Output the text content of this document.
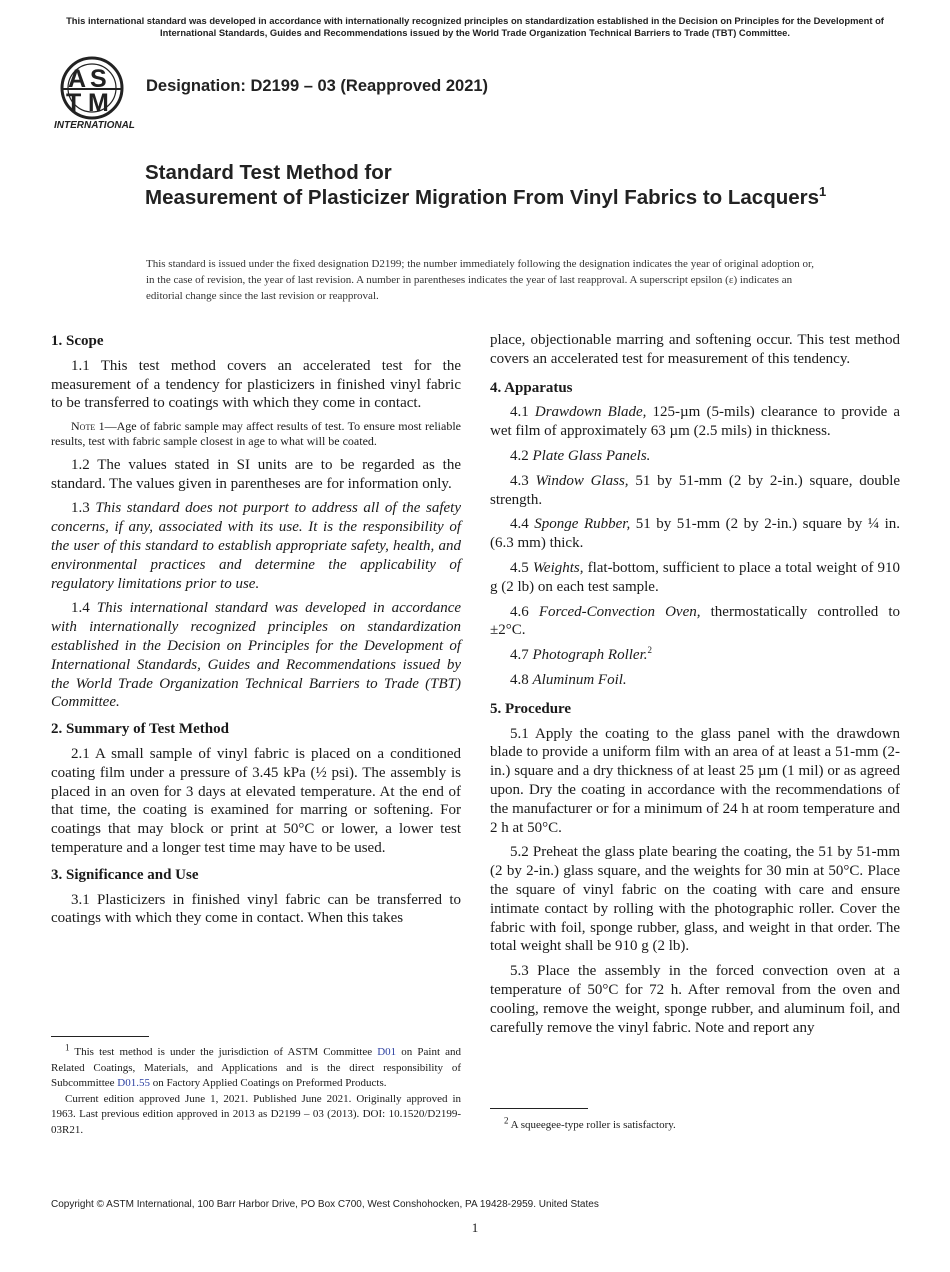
This international standard was developed in accordance with internationally recognized principles on standardization established in the Decision on Principles for the Development of International Standards, Guides and Recommendations issued by the World Trade Organization Technical Barriers to Trade (TBT) Committee.
A S
T M
INTERNATIONAL
Designation: D2199 – 03 (Reapproved 2021)
Standard Test Method for
Measurement of Plasticizer Migration From Vinyl Fabrics to Lacquers$^1$
This standard is issued under the fixed designation D2199; the number immediately following the designation indicates the year of original adoption or, in the case of revision, the year of last revision. A number in parentheses indicates the year of last reapproval. A superscript epsilon (ε) indicates an editorial change since the last revision or reapproval.
1. Scope

1.1 This test method covers an accelerated test for the measurement of a tendency for plasticizers in finished vinyl fabric to be transferred to coatings with which they come in contact.

Note 1—Age of fabric sample may affect results of test. To ensure most reliable results, test with fabric sample closest in age to what will be coated.

1.2 The values stated in SI units are to be regarded as the standard. The values given in parentheses are for information only.

1.3 This standard does not purport to address all of the safety concerns, if any, associated with its use. It is the responsibility of the user of this standard to establish appropriate safety, health, and environmental practices and determine the applicability of regulatory limitations prior to use.

1.4 This international standard was developed in accordance with internationally recognized principles on standardization established in the Decision on Principles for the Development of International Standards, Guides and Recommendations issued by the World Trade Organization Technical Barriers to Trade (TBT) Committee.

2. Summary of Test Method

2.1 A small sample of vinyl fabric is placed on a conditioned coating film under a pressure of 3.45 kPa (½ psi). The assembly is placed in an oven for 3 days at elevated temperature. At the end of that time, the coating is examined for marring or softening. For coatings that may block or print at 50°C or lower, a lower test temperature and a longer test time may have to be used.

3. Significance and Use

3.1 Plasticizers in finished vinyl fabric can be transferred to coatings with which they come in contact. When this takes

$^1$ This test method is under the jurisdiction of ASTM Committee D01 on Paint and Related Coatings, Materials, and Applications and is the direct responsibility of Subcommittee D01.55 on Factory Applied Coatings on Preformed Products.

Current edition approved June 1, 2021. Published June 2021. Originally approved in 1963. Last previous edition approved in 2013 as D2199 – 03 (2013). DOI: 10.1520/D2199-03R21.

place, objectionable marring and softening occur. This test method covers an accelerated test for measurement of this tendency.

4. Apparatus

4.1 Drawdown Blade, 125-µm (5-mils) clearance to provide a wet film of approximately 63 µm (2.5 mils) in thickness.

4.2 Plate Glass Panels.

4.3 Window Glass, 51 by 51-mm (2 by 2-in.) square, double strength.

4.4 Sponge Rubber, 51 by 51-mm (2 by 2-in.) square by ¼ in. (6.3 mm) thick.

4.5 Weights, flat-bottom, sufficient to place a total weight of 910 g (2 lb) on each test sample.

4.6 Forced-Convection Oven, thermostatically controlled to ±2°C.

4.7 Photograph Roller.$^2$

4.8 Aluminum Foil.

5. Procedure

5.1 Apply the coating to the glass panel with the drawdown blade to provide a uniform film with an area of at least a 51-mm (2-in.) square and a dry thickness of at least 25 µm (1 mil) or as agreed upon. Dry the coating in accordance with the recommendations of the manufacturer or for a minimum of 24 h at room temperature and 2 h at 50°C.

5.2 Preheat the glass plate bearing the coating, the 51 by 51-mm (2 by 2-in.) glass square, and the weights for 30 min at 50°C. Place the square of vinyl fabric on the coating with care and ensure intimate contact by rolling with the photographic roller. Cover the fabric with foil, sponge rubber, glass, and weight in that order. The total weight shall be 910 g (2 lb).

5.3 Place the assembly in the forced convection oven at a temperature of 50°C for 72 h. After removal from the oven and cooling, remove the weight, sponge rubber, and aluminum foil, and carefully remove the vinyl fabric. Note and report any

$^2$ A squeegee-type roller is satisfactory.

Copyright © ASTM International, 100 Barr Harbor Drive, PO Box C700, West Conshohocken, PA 19428-2959. United States
1
